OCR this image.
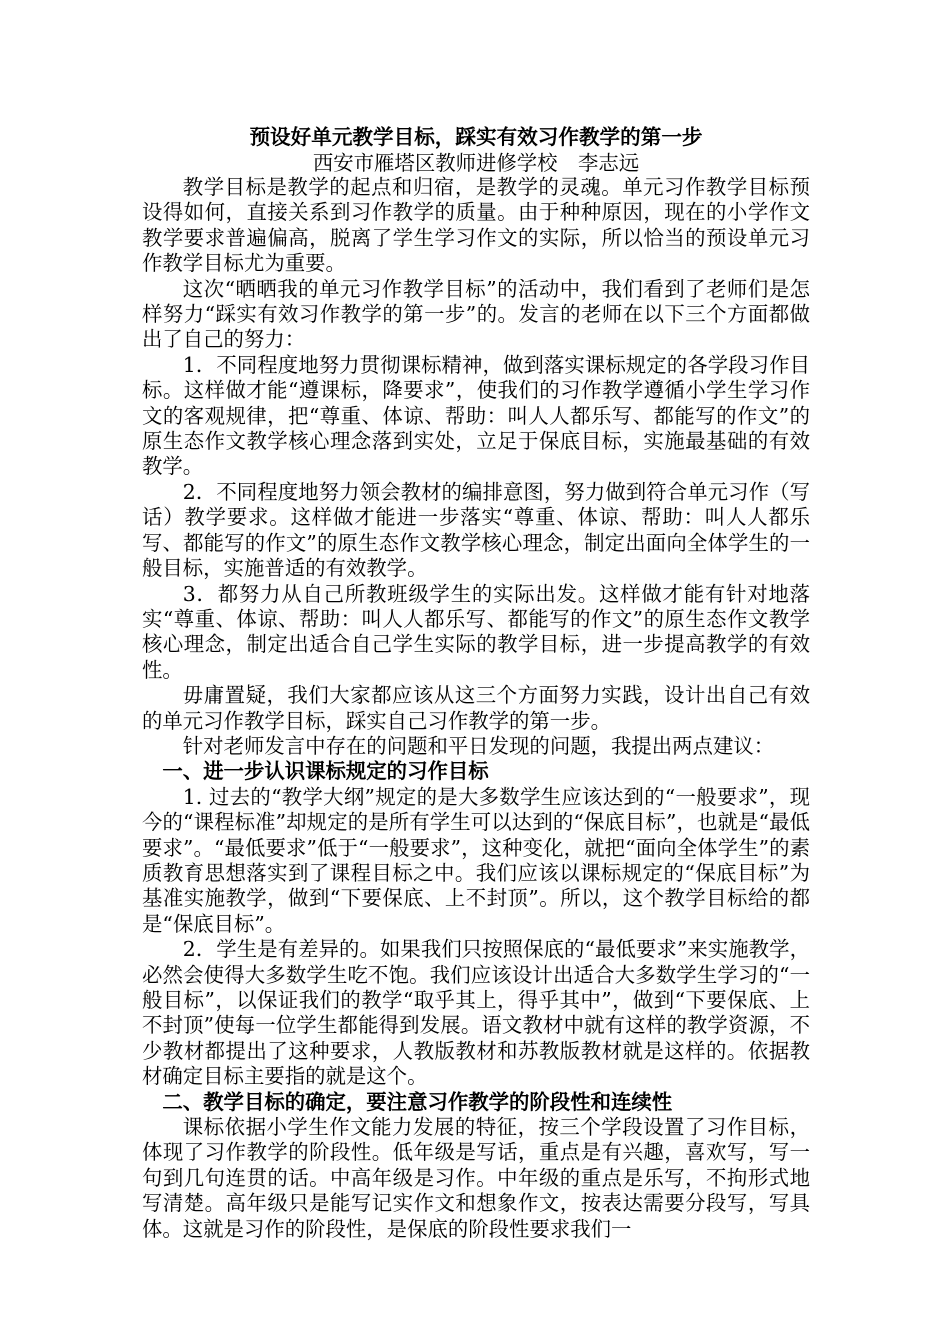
预设好单元教学目标，踩实有效习作教学的第一步
西安市雁塔区教师进修学校　李志远

教学目标是教学的起点和归宿，是教学的灵魂。单元习作教学目标预设得如何，直接关系到习作教学的质量。由于种种原因，现在的小学作文教学要求普遍偏高，脱离了学生学习作文的实际，所以恰当的预设单元习作教学目标尤为重要。

这次“晒晒我的单元习作教学目标”的活动中，我们看到了老师们是怎样努力“踩实有效习作教学的第一步”的。发言的老师在以下三个方面都做出了自己的努力：

1．不同程度地努力贯彻课标精神，做到落实课标规定的各学段习作目标。这样做才能“遵课标，降要求”，使我们的习作教学遵循小学生学习作文的客观规律，把“尊重、体谅、帮助：叫人人都乐写、都能写的作文”的原生态作文教学核心理念落到实处，立足于保底目标，实施最基础的有效教学。

2．不同程度地努力领会教材的编排意图，努力做到符合单元习作（写话）教学要求。这样做才能进一步落实“尊重、体谅、帮助：叫人人都乐写、都能写的作文”的原生态作文教学核心理念，制定出面向全体学生的一般目标，实施普适的有效教学。

3．都努力从自己所教班级学生的实际出发。这样做才能有针对地落实“尊重、体谅、帮助：叫人人都乐写、都能写的作文”的原生态作文教学核心理念，制定出适合自己学生实际的教学目标，进一步提高教学的有效性。

毋庸置疑，我们大家都应该从这三个方面努力实践，设计出自己有效的单元习作教学目标，踩实自己习作教学的第一步。

针对老师发言中存在的问题和平日发现的问题，我提出两点建议：

一、进一步认识课标规定的习作目标

1. 过去的“教学大纲”规定的是大多数学生应该达到的“一般要求”，现今的“课程标准”却规定的是所有学生可以达到的“保底目标”，也就是“最低要求”。“最低要求”低于“一般要求”，这种变化，就把“面向全体学生”的素质教育思想落实到了课程目标之中。我们应该以课标规定的“保底目标”为基准实施教学，做到“下要保底、上不封顶”。所以，这个教学目标给的都是“保底目标”。

2．学生是有差异的。如果我们只按照保底的“最低要求”来实施教学，必然会使得大多数学生吃不饱。我们应该设计出适合大多数学生学习的“一般目标”，以保证我们的教学“取乎其上，得乎其中”，做到“下要保底、上不封顶”使每一位学生都能得到发展。语文教材中就有这样的教学资源，不少教材都提出了这种要求，人教版教材和苏教版教材就是这样的。依据教材确定目标主要指的就是这个。

二、教学目标的确定，要注意习作教学的阶段性和连续性

课标依据小学生作文能力发展的特征，按三个学段设置了习作目标，体现了习作教学的阶段性。低年级是写话，重点是有兴趣，喜欢写，写一句到几句连贯的话。中高年级是习作。中年级的重点是乐写，不拘形式地写清楚。高年级只是能写记实作文和想象作文，按表达需要分段写，写具体。这就是习作的阶段性，是保底的阶段性要求我们一
